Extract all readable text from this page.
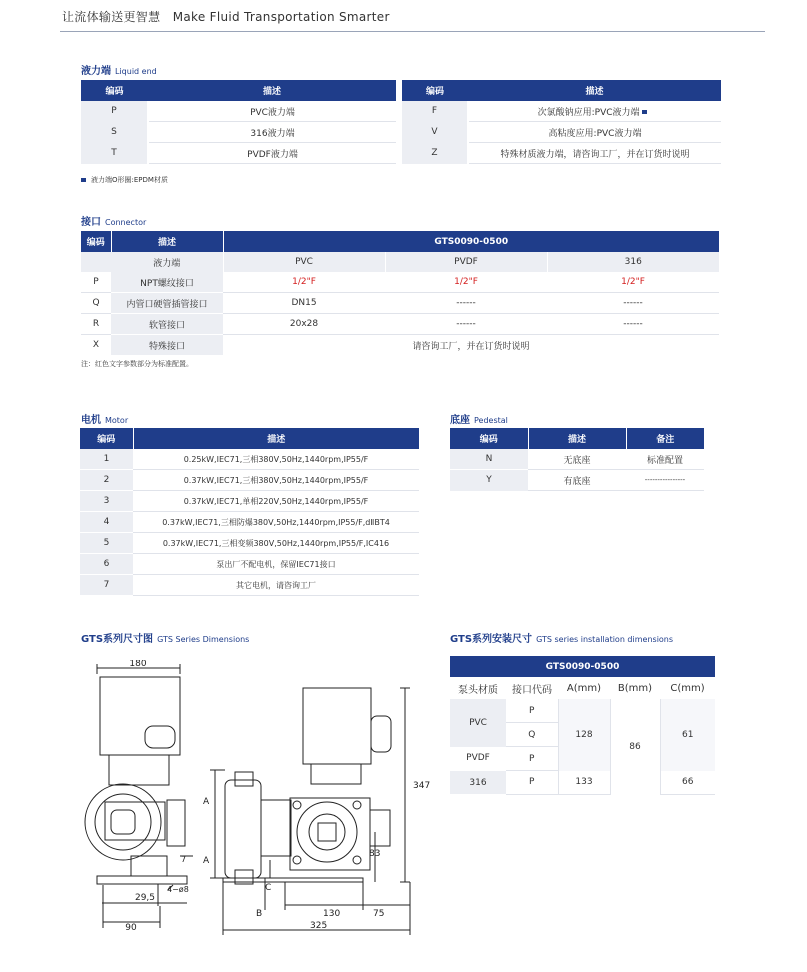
让流体输送更智慧　Make Fluid Transportation Smarter
液力端 Liquid end
编码	描述		编码	描述
P	PVC液力端		F	次氯酸钠应用:PVC液力端
S	316液力端		V	高粘度应用:PVC液力端
T	PVDF液力端		Z	特殊材质液力端，请咨询工厂，并在订货时说明
液力端O形圈:EPDM材质
接口 Connector
编码	描述	GTS0090-0500		
	液力端	PVC	PVDF	316
P	NPT螺纹接口	1/2"F	1/2"F	1/2"F
Q	内管口硬管插管接口	DN15	------	------
R	软管接口	20x28	------	------
X	特殊接口	请咨询工厂，并在订货时说明		
注：红色文字参数部分为标准配置。
电机 Motor
编码	描述
1	0.25kW,IEC71,三相380V,50Hz,1440rpm,IP55/F
2	0.37kW,IEC71,三相380V,50Hz,1440rpm,IP55/F
3	0.37kW,IEC71,单相220V,50Hz,1440rpm,IP55/F
4	0.37kW,IEC71,三相防爆380V,50Hz,1440rpm,IP55/F,dⅡBT4
5	0.37kW,IEC71,三相变频380V,50Hz,1440rpm,IP55/F,IC416
6	泵出厂不配电机，保留IEC71接口
7	其它电机，请咨询工厂
底座 Pedestal
编码	描述	备注
N	无底座	标准配置
Y	有底座	----------------
GTS系列尺寸图 GTS Series Dimensions
180
29,5
4−ø8
7
90
A
A
B
C
130	75
325
83
347
GTS系列安装尺寸 GTS series installation dimensions
GTS0090-0500				
泵头材质	接口代码	A(mm)	B(mm)	C(mm)
PVC	P	128	86	61
	Q			
PVDF	P			
316	P	133		66
